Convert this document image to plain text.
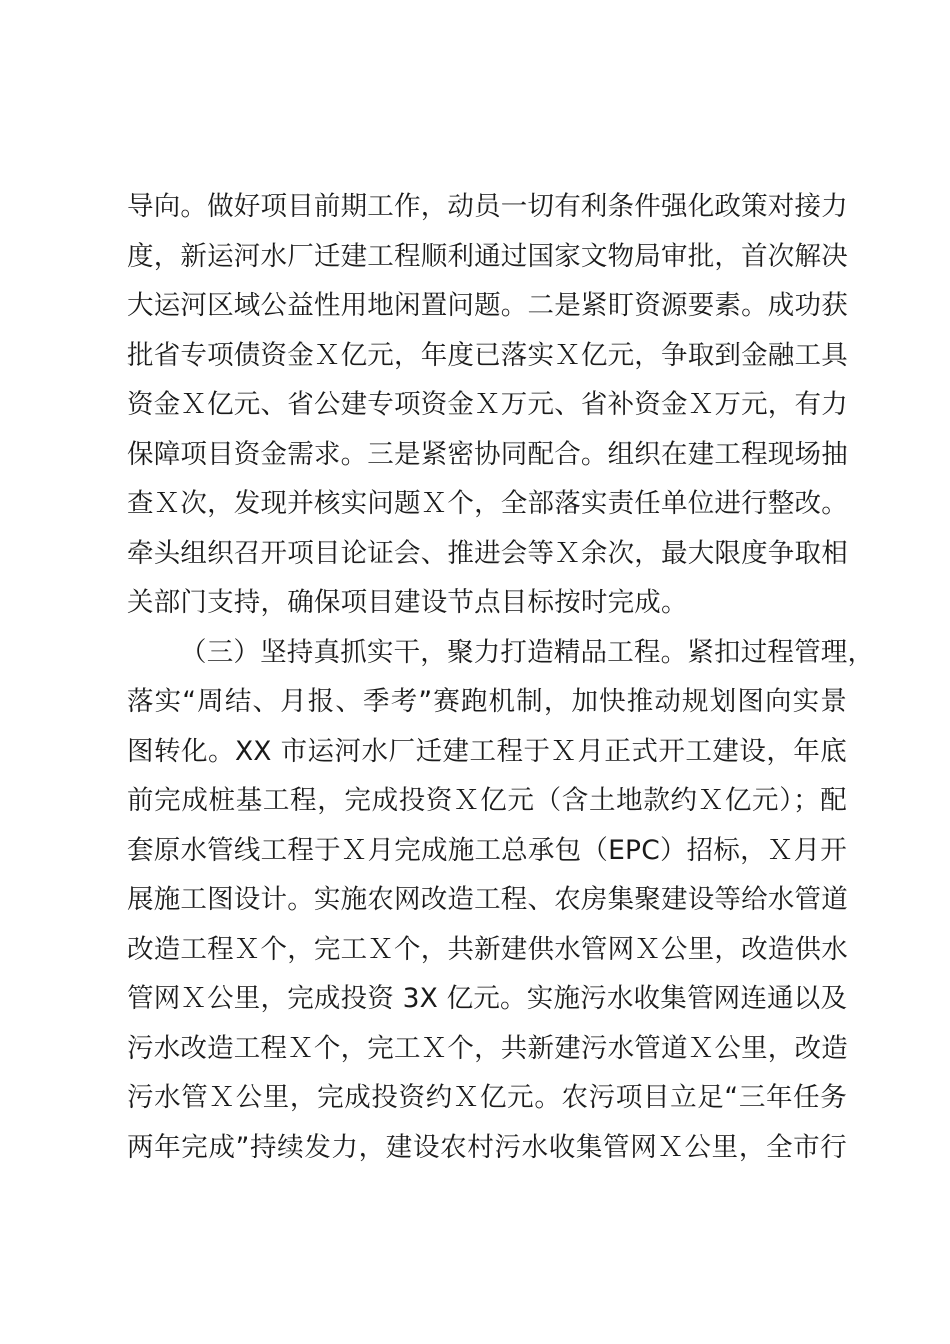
导向。做好项目前期工作，动员一切有利条件强化政策对接力
度，新运河水厂迁建工程顺利通过国家文物局审批，首次解决
大运河区域公益性用地闲置问题。二是紧盯资源要素。成功获
批省专项债资金Ｘ亿元，年度已落实Ｘ亿元，争取到金融工具
资金Ｘ亿元、省公建专项资金Ｘ万元、省补资金Ｘ万元，有力
保障项目资金需求。三是紧密协同配合。组织在建工程现场抽
查Ｘ次，发现并核实问题Ｘ个，全部落实责任单位进行整改。
牵头组织召开项目论证会、推进会等Ｘ余次，最大限度争取相
关部门支持，确保项目建设节点目标按时完成。
（三）坚持真抓实干，聚力打造精品工程。紧扣过程管理，
落实“周结、月报、季考”赛跑机制，加快推动规划图向实景
图转化。XX 市运河水厂迁建工程于Ｘ月正式开工建设，年底
前完成桩基工程，完成投资Ｘ亿元（含土地款约Ｘ亿元）；配
套原水管线工程于Ｘ月完成施工总承包（EPC）招标，Ｘ月开
展施工图设计。实施农网改造工程、农房集聚建设等给水管道
改造工程Ｘ个，完工Ｘ个，共新建供水管网Ｘ公里，改造供水
管网Ｘ公里，完成投资 3X 亿元。实施污水收集管网连通以及
污水改造工程Ｘ个，完工Ｘ个，共新建污水管道Ｘ公里，改造
污水管Ｘ公里，完成投资约Ｘ亿元。农污项目立足“三年任务
两年完成”持续发力，建设农村污水收集管网Ｘ公里，全市行
